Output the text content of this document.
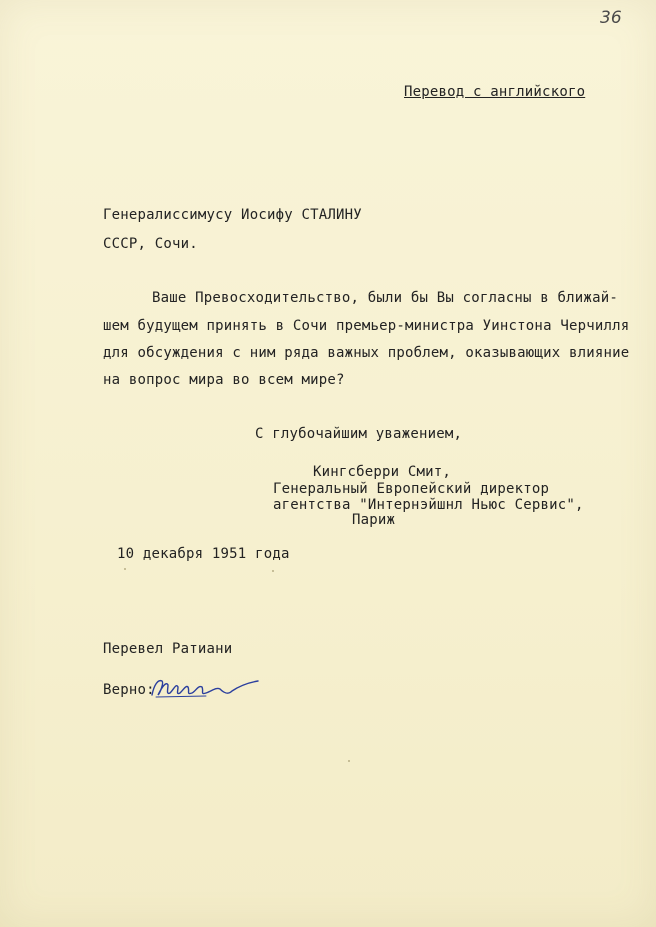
36
Перевод с английского
Генералиссимусу Иосифу СТАЛИНУ
СССР, Сочи.
Ваше Превосходительство, были бы Вы согласны в ближай-
шем будущем принять в Сочи премьер-министра Уинстона Черчилля
для обсуждения с ним ряда важных проблем, оказывающих влияние
на вопрос мира во всем мире?
С глубочайшим уважением,
Кингсберри Смит,
Генеральный Европейский директор
агентства "Интернэйшнл Ньюс Сервис",
Париж
10 декабря 1951 года
Перевел Ратиани
Верно:
